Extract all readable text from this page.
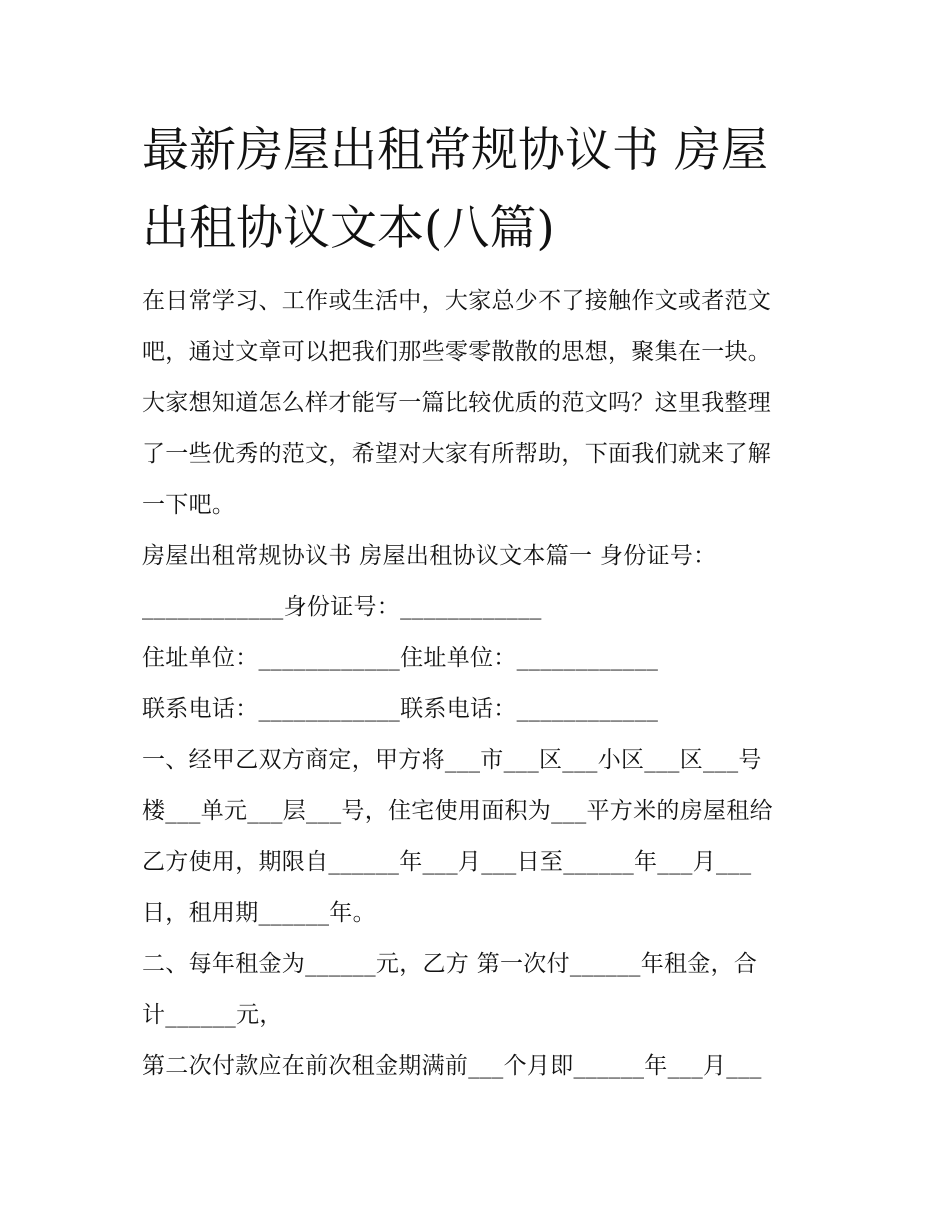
最新房屋出租常规协议书 房屋
出租协议文本(八篇)
在日常学习、工作或生活中，大家总少不了接触作文或者范文
吧，通过文章可以把我们那些零零散散的思想，聚集在一块。
大家想知道怎么样才能写一篇比较优质的范文吗？这里我整理
了一些优秀的范文，希望对大家有所帮助，下面我们就来了解
一下吧。
房屋出租常规协议书 房屋出租协议文本篇一 身份证号：
____________身份证号：____________
住址单位：____________住址单位：____________
联系电话：____________联系电话：____________
一、经甲乙双方商定，甲方将___市___区___小区___区___号
楼___单元___层___号，住宅使用面积为___平方米的房屋租给
乙方使用，期限自______年___月___日至______年___月___
日，租用期______年。
二、每年租金为______元，乙方 第一次付______年租金，合
计______元，
第二次付款应在前次租金期满前___个月即______年___月___
